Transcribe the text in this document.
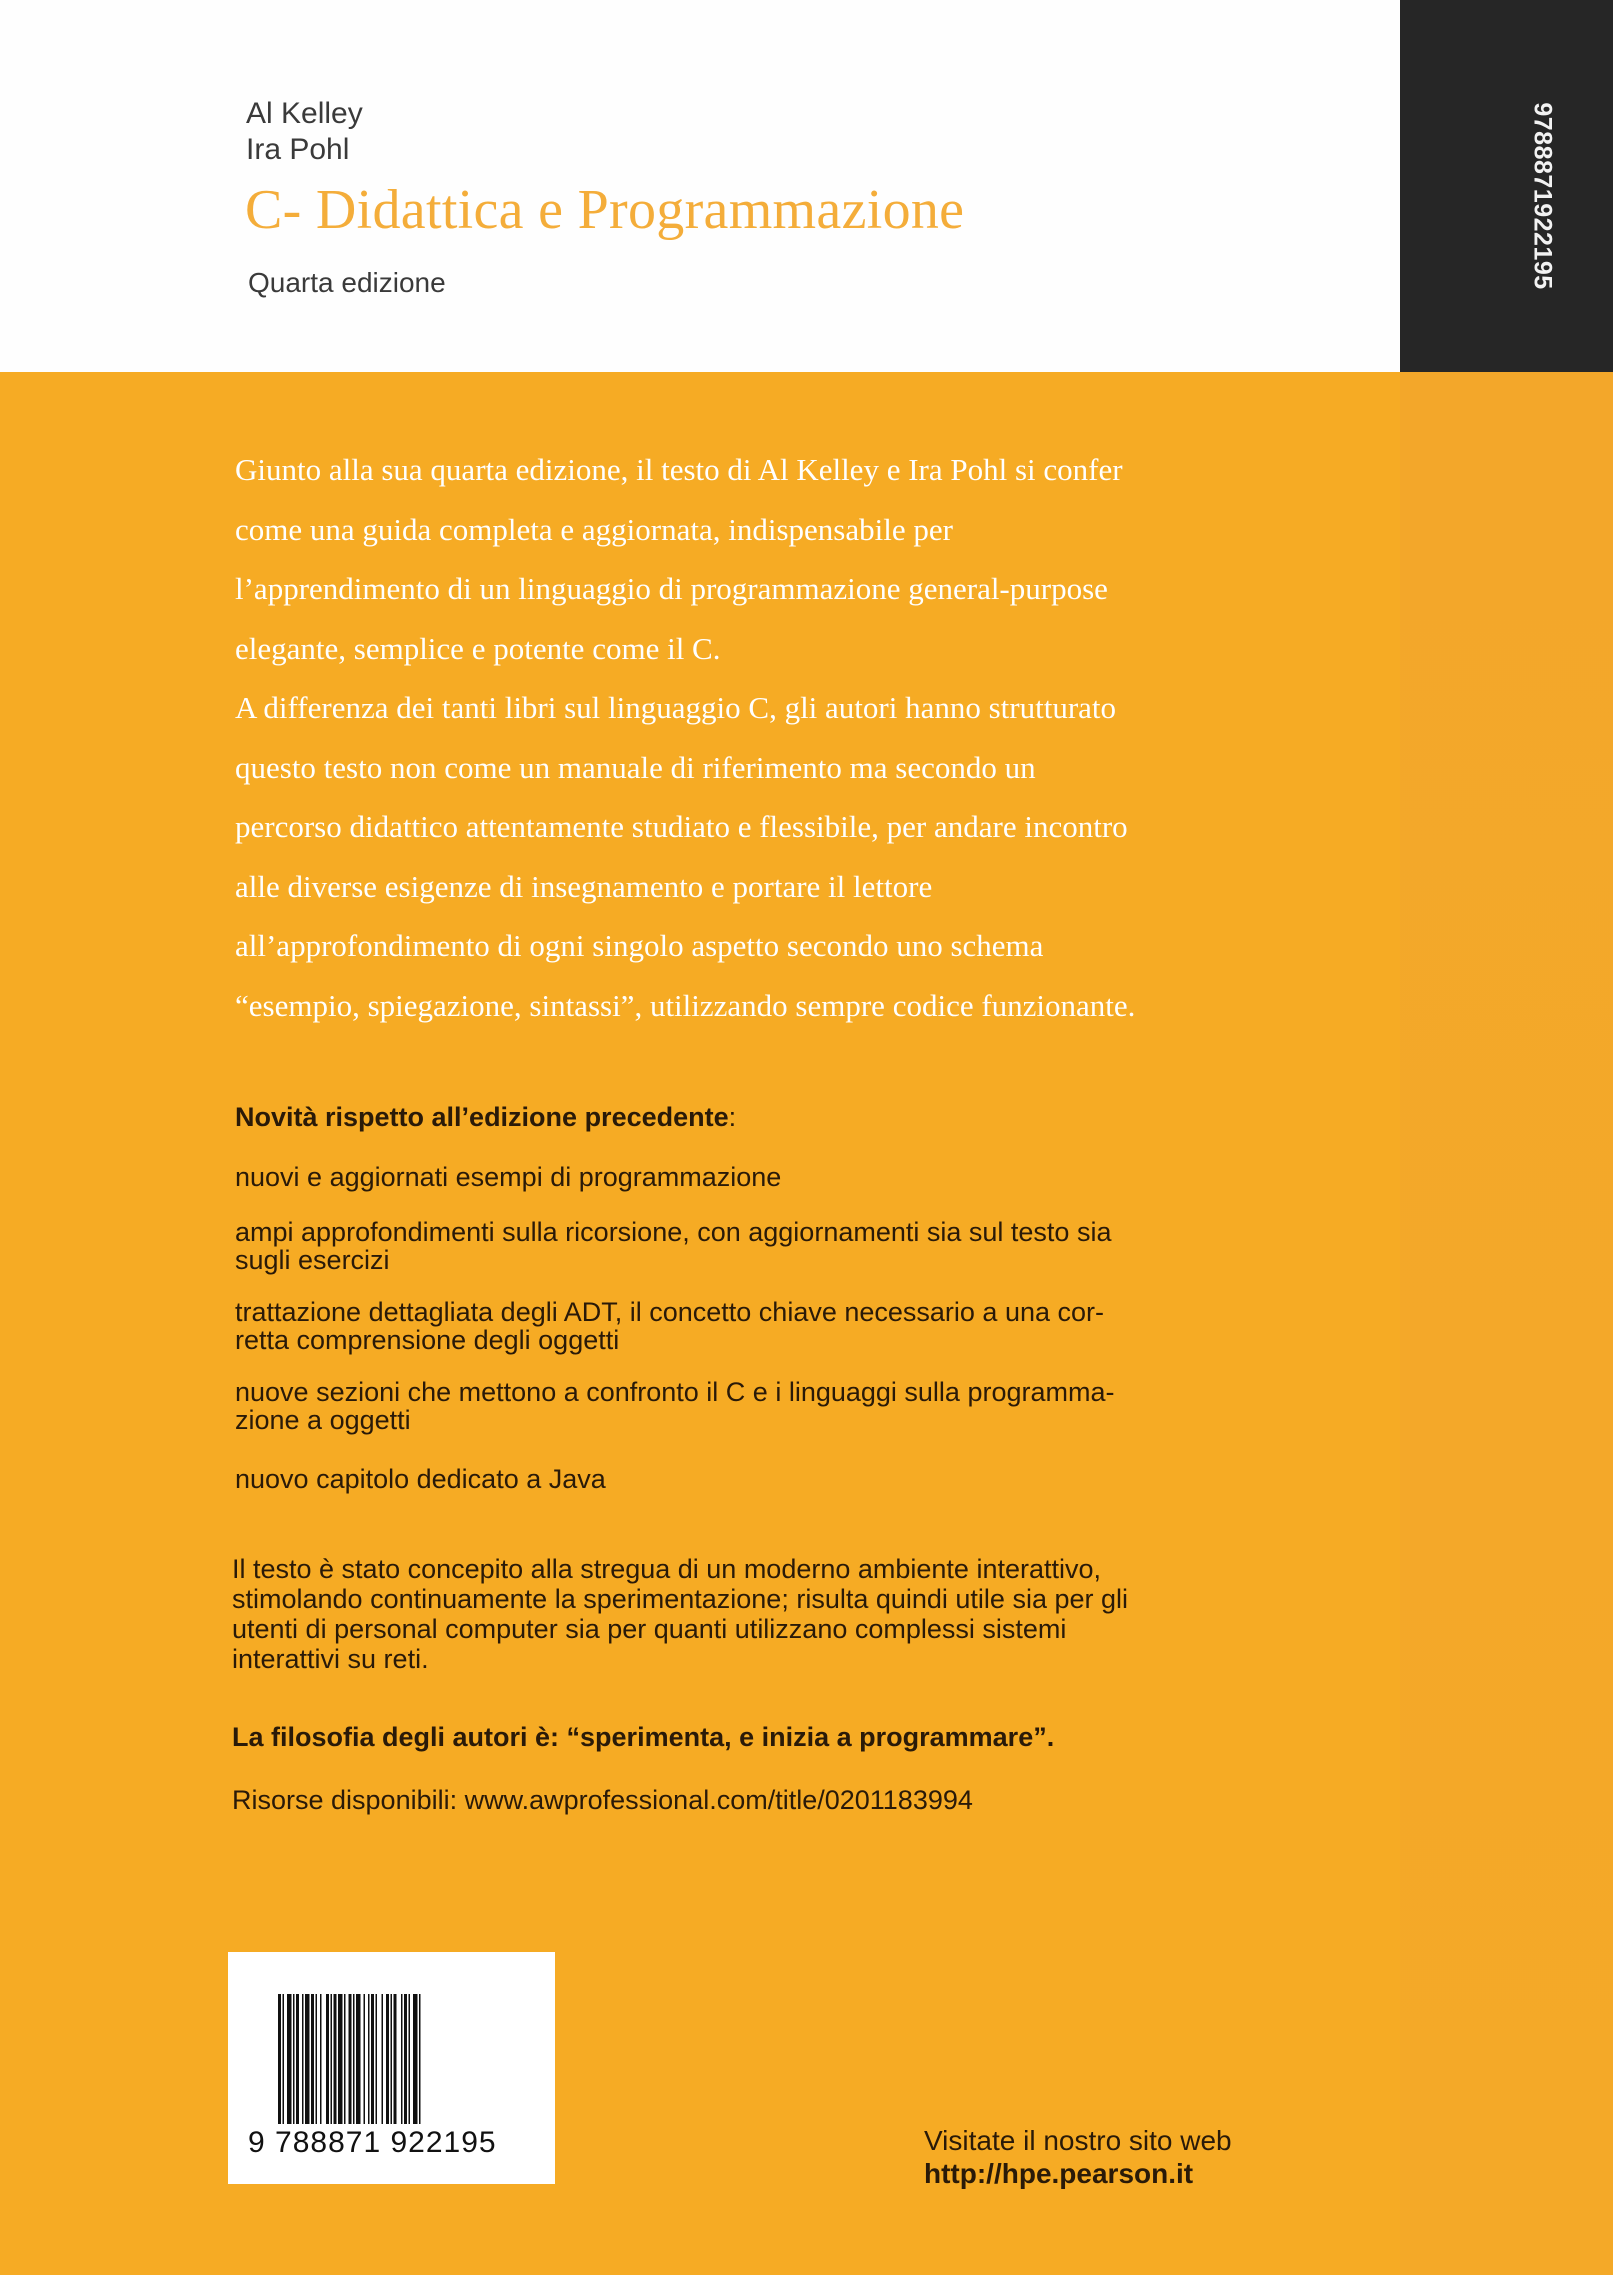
9788871922195
Al Kelley
Ira Pohl
C- Didattica e Programmazione
Quarta edizione

Giunto alla sua quarta edizione, il testo di Al Kelley e Ira Pohl si confer
come una guida completa e aggiornata, indispensabile per
l’apprendimento di un linguaggio di programmazione general-purpose
elegante, semplice e potente come il C.
A differenza dei tanti libri sul linguaggio C, gli autori hanno strutturato
questo testo non come un manuale di riferimento ma secondo un
percorso didattico attentamente studiato e flessibile, per andare incontro
alle diverse esigenze di insegnamento e portare il lettore
all’approfondimento di ogni singolo aspetto secondo uno schema
“esempio, spiegazione, sintassi”, utilizzando sempre codice funzionante.

Novità rispetto all’edizione precedente:

nuovi e aggiornati esempi di programmazione

ampi approfondimenti sulla ricorsione, con aggiornamenti sia sul testo sia
sugli esercizi

trattazione dettagliata degli ADT, il concetto chiave necessario a una cor-
retta comprensione degli oggetti

nuove sezioni che mettono a confronto il C e i linguaggi sulla programma-
zione a oggetti

nuovo capitolo dedicato a Java

Il testo è stato concepito alla stregua di un moderno ambiente interattivo,
stimolando continuamente la sperimentazione; risulta quindi utile sia per gli
utenti di personal computer sia per quanti utilizzano complessi sistemi
interattivi su reti.

La filosofia degli autori è: “sperimenta, e inizia a programmare”.
Risorse disponibili: www.awprofessional.com/title/0201183994
9 788871 922195	Visitate il nostro sito web
http://hpe.pearson.it
